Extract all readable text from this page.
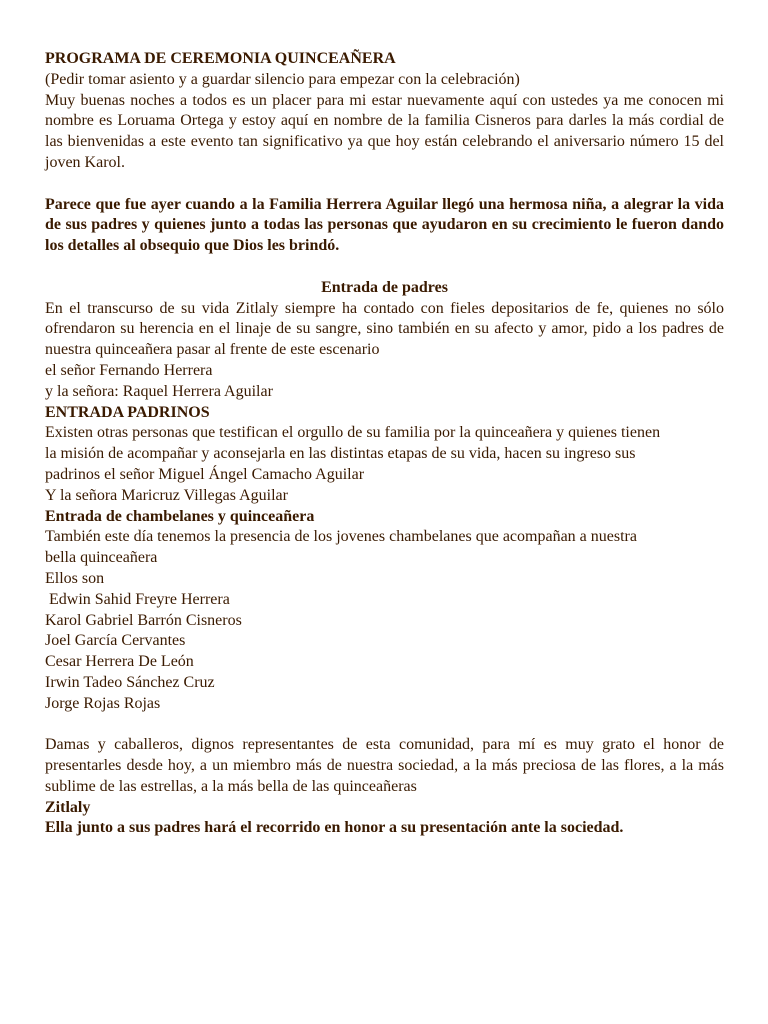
PROGRAMA DE CEREMONIA QUINCEAÑERA
(Pedir tomar asiento y a guardar silencio para empezar con la celebración)
Muy buenas noches a todos es un placer para mi estar nuevamente aquí con ustedes ya me conocen mi nombre es Loruama Ortega y estoy aquí en nombre de la familia Cisneros para darles la más cordial de las bienvenidas a este evento tan significativo ya que hoy están celebrando el aniversario número 15 del joven Karol.
Parece que fue ayer cuando a la Familia Herrera Aguilar llegó una hermosa niña, a alegrar la vida de sus padres y quienes junto a todas las personas que ayudaron en su crecimiento le fueron dando los detalles al obsequio que Dios les brindó.
Entrada de padres
En el transcurso de su vida Zitlaly siempre ha contado con fieles depositarios de fe, quienes no sólo ofrendaron su herencia en el linaje de su sangre, sino también en su afecto y amor, pido a los padres de nuestra quinceañera pasar al frente de este escenario
el señor Fernando Herrera
y la señora: Raquel Herrera Aguilar
ENTRADA PADRINOS
Existen otras personas que testifican el orgullo de su familia por la quinceañera y quienes tienen
la misión de acompañar y aconsejarla en las distintas etapas de su vida, hacen su ingreso sus
padrinos el señor Miguel Ángel Camacho Aguilar
Y la señora Maricruz Villegas Aguilar
Entrada de chambelanes y quinceañera
También este día tenemos la presencia de los jovenes chambelanes que acompañan a nuestra
bella quinceañera
Ellos son
Edwin Sahid Freyre Herrera
Karol Gabriel Barrón Cisneros
Joel García Cervantes
Cesar Herrera De León
Irwin Tadeo Sánchez Cruz
Jorge Rojas Rojas
Damas y caballeros, dignos representantes de esta comunidad, para mí es muy grato el honor de presentarles desde hoy, a un miembro más de nuestra sociedad, a la más preciosa de las flores, a la más sublime de las estrellas, a la más bella de las quinceañeras
Zitlaly
Ella junto a sus padres hará el recorrido en honor a su presentación ante la sociedad.
